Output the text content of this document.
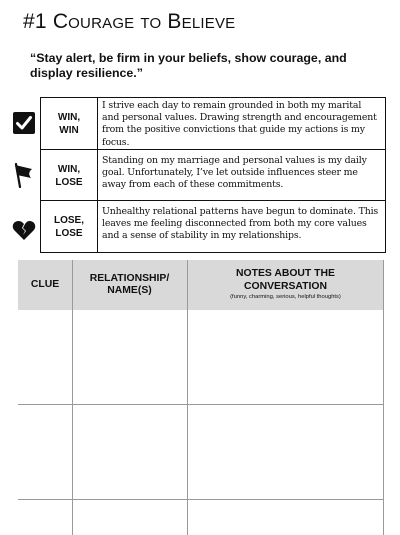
#1 Courage to Believe
“Stay alert, be firm in your beliefs, show courage, and display resilience.”
WIN,
WIN
I strive each day to remain grounded in both my marital and personal values. Drawing strength and encouragement from the positive convictions that guide my actions is my focus.
WIN,
LOSE
Standing on my marriage and personal values is my daily goal. Unfortunately, I’ve let outside influences steer me away from each of these commitments.
LOSE,
LOSE
Unhealthy relational patterns have begun to dominate. This leaves me feeling disconnected from both my core values and a sense of stability in my relationships.
CLUE
RELATIONSHIP/
NAME(S)
NOTES ABOUT THE
CONVERSATION
(funny, charming, serious, helpful thoughts)
